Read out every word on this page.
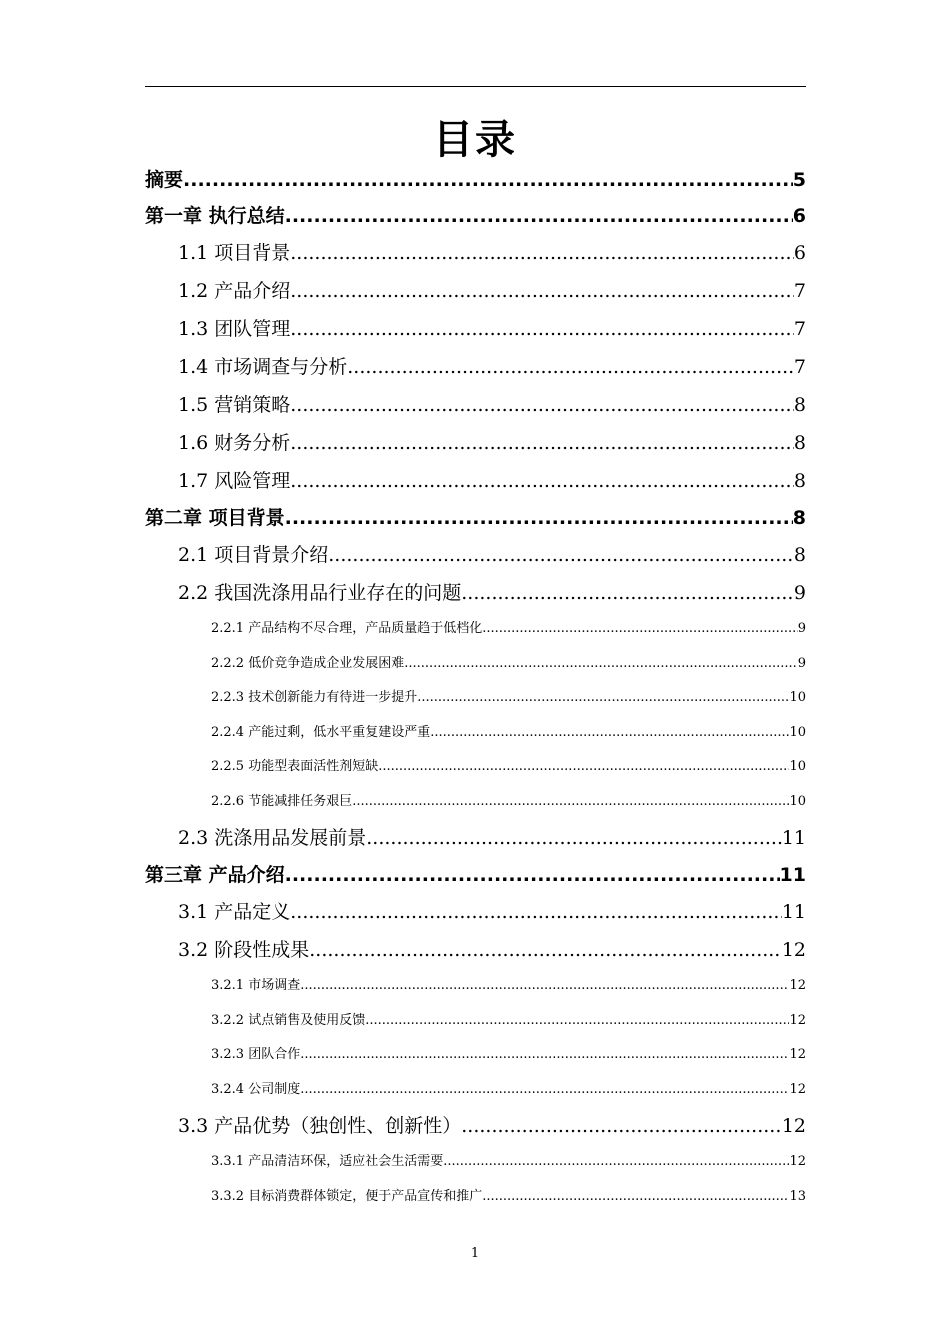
目录
摘要 .....	5
第一章 执行总结 .....	6
1.1 项目背景 .....	6
1.2 产品介绍 .....	7
1.3 团队管理 .....	7
1.4 市场调查与分析 .....	7
1.5 营销策略 .....	8
1.6 财务分析 .....	8
1.7 风险管理 .....	8
第二章 项目背景 .....	8
2.1 项目背景介绍 .....	8
2.2 我国洗涤用品行业存在的问题 .....	9
2.2.1 产品结构不尽合理，产品质量趋于低档化 .....	9
2.2.2 低价竞争造成企业发展困难 .....	9
2.2.3 技术创新能力有待进一步提升 .....	10
2.2.4 产能过剩，低水平重复建设严重 .....	10
2.2.5 功能型表面活性剂短缺 .....	10
2.2.6 节能减排任务艰巨 .....	10
2.3 洗涤用品发展前景 .....	11
第三章 产品介绍 .....	11
3.1 产品定义 .....	11
3.2 阶段性成果 .....	12
3.2.1 市场调查 .....	12
3.2.2 试点销售及使用反馈 .....	12
3.2.3 团队合作 .....	12
3.2.4 公司制度 .....	12
3.3 产品优势（独创性、创新性） .....	12
3.3.1 产品清洁环保，适应社会生活需要 .....	12
3.3.2 目标消费群体锁定，便于产品宣传和推广 .....	13
1
